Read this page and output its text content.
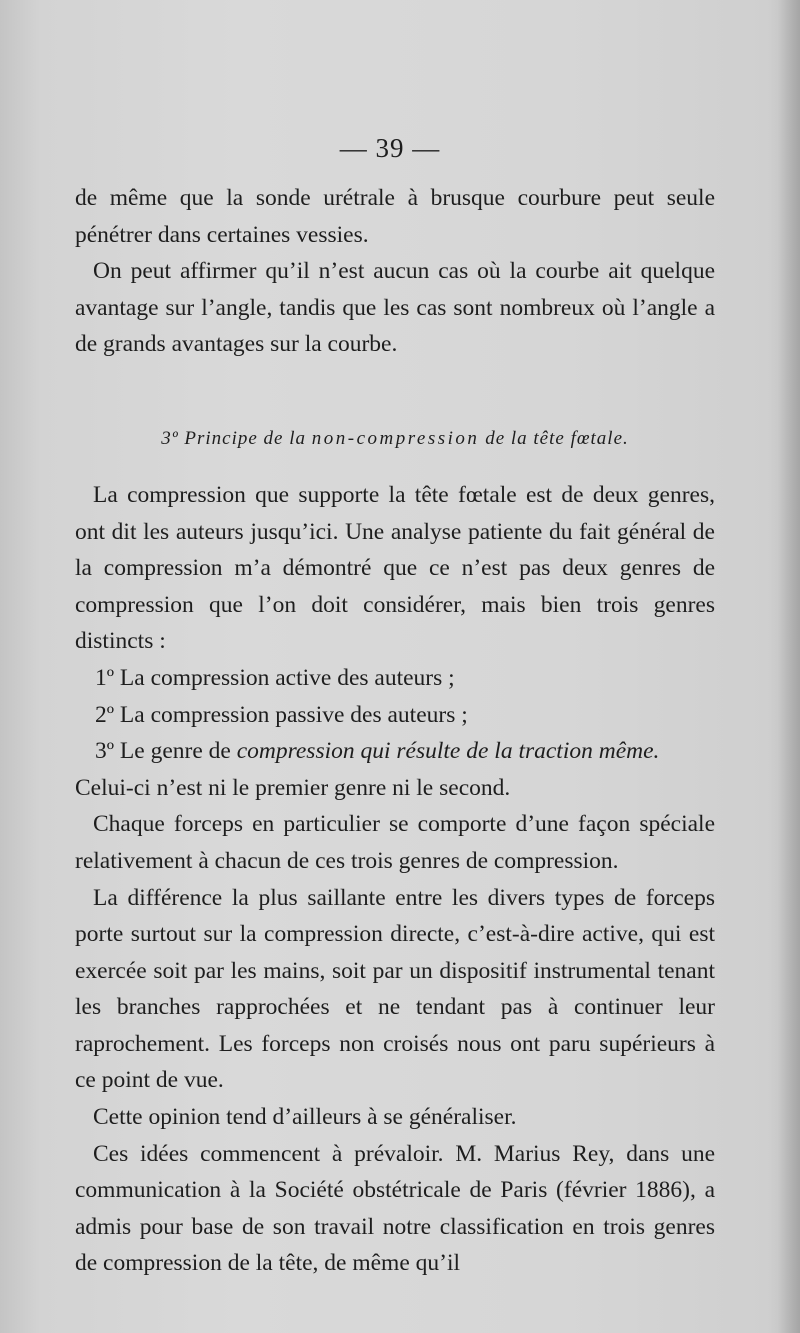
— 39 —

de même que la sonde urétrale à brusque courbure peut seule pénétrer dans certaines vessies.

On peut affirmer qu’il n’est aucun cas où la courbe ait quelque avantage sur l’angle, tandis que les cas sont nombreux où l’angle a de grands avantages sur la courbe.

3º Principe de la non-compression de la tête fœtale.

La compression que supporte la tête fœtale est de deux genres, ont dit les auteurs jusqu’ici. Une analyse patiente du fait général de la compression m’a démontré que ce n’est pas deux genres de compression que l’on doit considérer, mais bien trois genres distincts :

1º La compression active des auteurs ;

2º La compression passive des auteurs ;

3º Le genre de compression qui résulte de la traction même.

Celui-ci n’est ni le premier genre ni le second.

Chaque forceps en particulier se comporte d’une façon spéciale relativement à chacun de ces trois genres de compression.

La différence la plus saillante entre les divers types de forceps porte surtout sur la compression directe, c’est-à-dire active, qui est exercée soit par les mains, soit par un dispositif instrumental tenant les branches rapprochées et ne tendant pas à continuer leur raprochement. Les forceps non croisés nous ont paru supérieurs à ce point de vue.

Cette opinion tend d’ailleurs à se généraliser.

Ces idées commencent à prévaloir. M. Marius Rey, dans une communication à la Société obstétricale de Paris (février 1886), a admis pour base de son travail notre classification en trois genres de compression de la tête, de même qu’il
